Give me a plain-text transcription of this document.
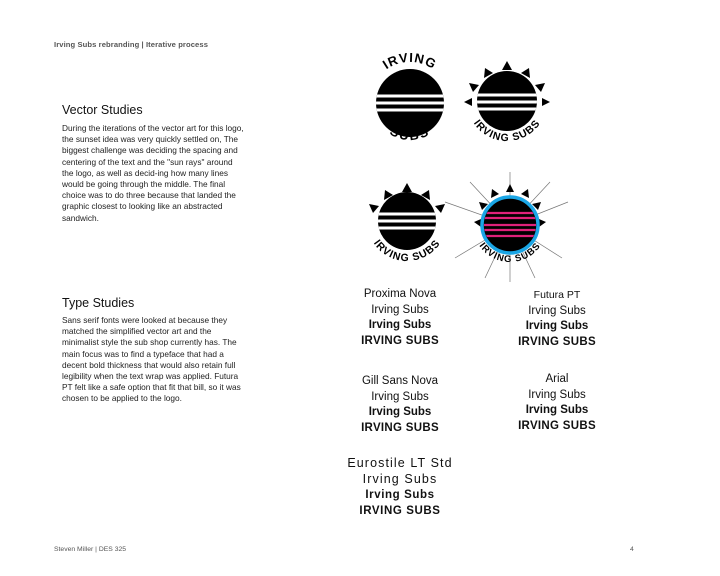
Irving Subs rebranding | Iterative process
Vector Studies
During the iterations of the vector art for this logo, the sunset idea was very quickly settled on, The biggest challenge was deciding the spacing and centering of the text and the "sun rays" around the logo, as well as decid-ing how many lines would be going through the middle. The final choice was to do three because that landed the graphic closest to looking like an abstracted sandwich.
Type Studies
Sans serif fonts were looked at because they matched the simplified vector art and the minimalist style the sub shop currently has. The main focus was to find a typeface that had a decent bold thickness that would also retain full legibility when the text wrap was applied. Futura PT felt like a safe option that fit that bill, so it was chosen to be applied to the logo.
IRVING
SUBS
IRVING SUBS
IRVING SUBS	IRVING SUBS
Proxima Nova
Irving Subs
Irving Subs
IRVING SUBS
Futura PT
Irving Subs
Irving Subs
IRVING SUBS
Gill Sans Nova
Irving Subs
Irving Subs
IRVING SUBS
Arial
Irving Subs
Irving Subs
IRVING SUBS
Eurostile LT Std
Irving Subs
Irving Subs
IRVING SUBS
Steven Miller | DES 325	4
